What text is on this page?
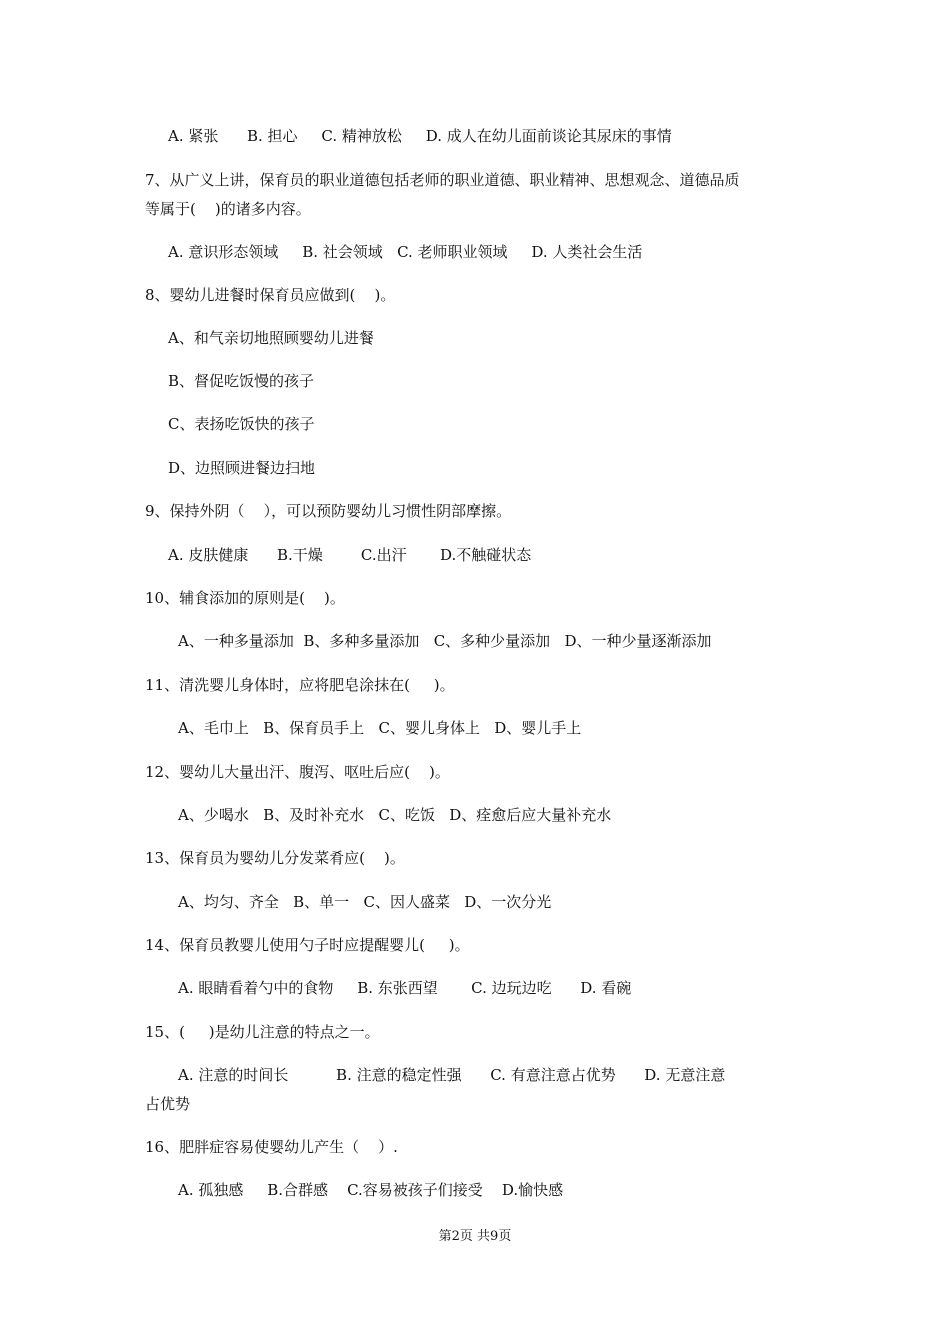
A. 紧张      B. 担心     C. 精神放松     D. 成人在幼儿面前谈论其尿床的事情
7、从广义上讲，保育员的职业道德包括老师的职业道德、职业精神、思想观念、道德品质
等属于(    )的诸多内容。
A. 意识形态领域     B. 社会领域   C. 老师职业领域     D. 人类社会生活
8、婴幼儿进餐时保育员应做到(    )。
A、和气亲切地照顾婴幼儿进餐
B、督促吃饭慢的孩子
C、表扬吃饭快的孩子
D、边照顾进餐边扫地
9、保持外阴（    ），可以预防婴幼儿习惯性阴部摩擦。
A. 皮肤健康      B.干燥        C.出汗       D.不触碰状态
10、辅食添加的原则是(    )。
A、一种多量添加  B、多种多量添加   C、多种少量添加   D、一种少量逐渐添加
11、清洗婴儿身体时，应将肥皂涂抹在(     )。
A、毛巾上   B、保育员手上   C、婴儿身体上   D、婴儿手上
12、婴幼儿大量出汗、腹泻、呕吐后应(    )。
A、少喝水   B、及时补充水   C、吃饭   D、痊愈后应大量补充水
13、保育员为婴幼儿分发菜肴应(    )。
A、均匀、齐全   B、单一   C、因人盛菜   D、一次分光
14、保育员教婴儿使用勺子时应提醒婴儿(     )。
A. 眼睛看着勺中的食物     B. 东张西望       C. 边玩边吃      D. 看碗
15、(     )是幼儿注意的特点之一。
A. 注意的时间长          B. 注意的稳定性强      C. 有意注意占优势      D. 无意注意
占优势
16、肥胖症容易使婴幼儿产生（    ）.
A. 孤独感     B.合群感    C.容易被孩子们接受    D.愉快感
第2页 共9页
